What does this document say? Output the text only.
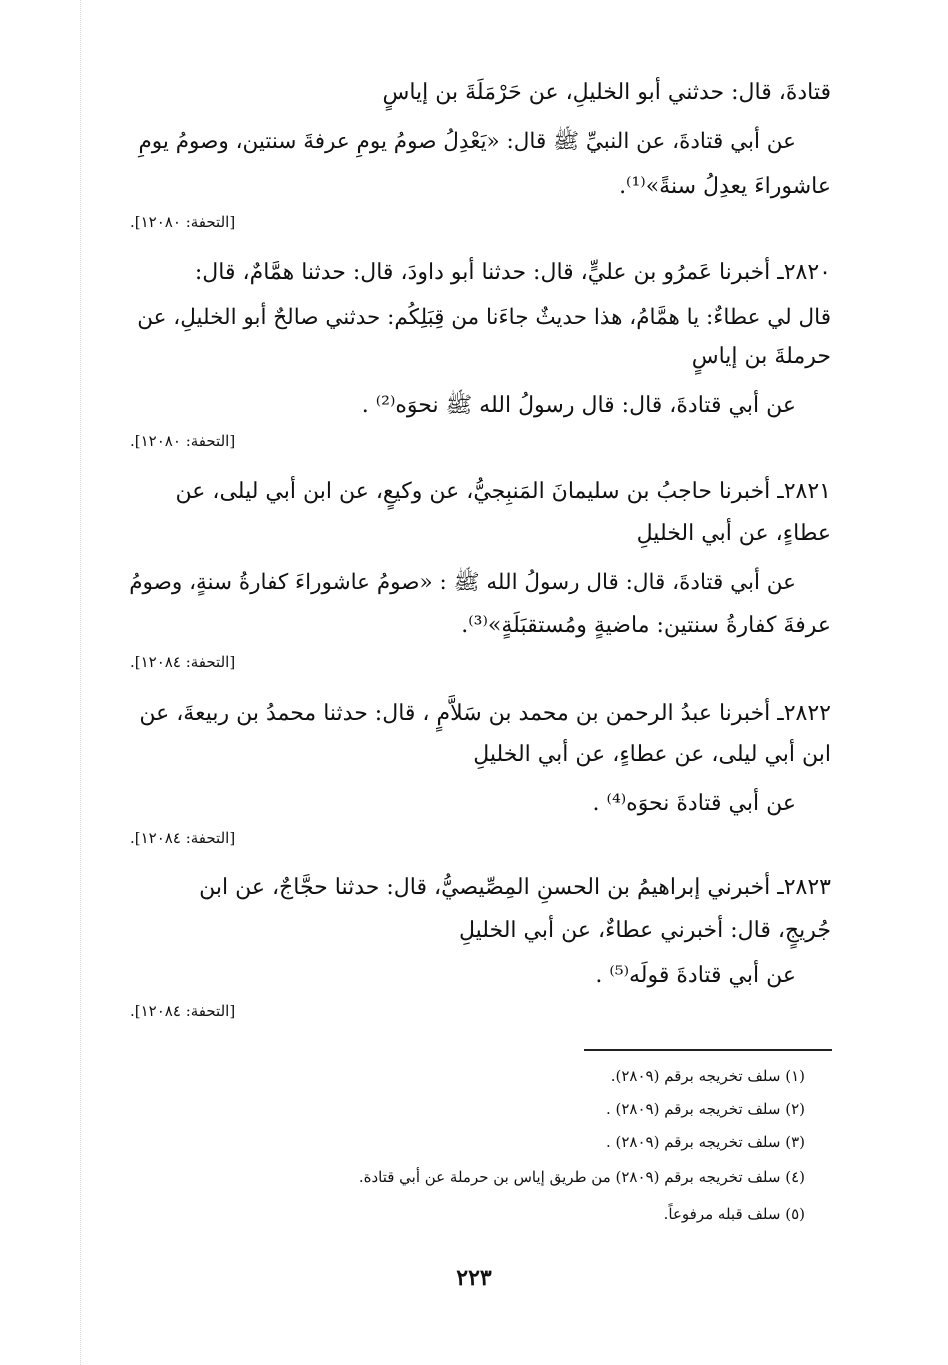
قتادةَ، قال: حدثني أبو الخليلِ، عن حَرْمَلَةَ بن إياسٍ
عن أبي قتادةَ، عن النبيِّ ﷺ قال: «يَعْدِلُ صومُ يومِ عرفةَ سنتين، وصومُ يومِ
عاشوراءَ يعدِلُ سنةً»⁽¹⁾.
[التحفة: ١٢٠٨٠].
٢٨٢٠ـ أخبرنا عَمرُو بن عليٍّ، قال: حدثنا أبو داودَ، قال: حدثنا همَّامٌ، قال:
قال لي عطاءٌ: يا همَّامُ، هذا حديثٌ جاءَنا من قِبَلِكُم: حدثني صالحٌ أبو الخليلِ، عن
حرملةَ بن إياسٍ
عن أبي قتادةَ، قال: قال رسولُ الله ﷺ نحوَه⁽²⁾ .
[التحفة: ١٢٠٨٠].
٢٨٢١ـ أخبرنا حاجبُ بن سليمانَ المَنبِجيُّ، عن وكيعٍ، عن ابن أبي ليلى، عن
عطاءٍ، عن أبي الخليلِ
عن أبي قتادةَ، قال: قال رسولُ الله ﷺ : «صومُ عاشوراءَ كفارةُ سنةٍ، وصومُ
عرفةَ كفارةُ سنتين: ماضيةٍ ومُستقبَلَةٍ»⁽³⁾.
[التحفة: ١٢٠٨٤].
٢٨٢٢ـ أخبرنا عبدُ الرحمن بن محمد بن سَلاَّمٍ ، قال: حدثنا محمدُ بن ربيعةَ، عن
ابن أبي ليلى، عن عطاءٍ، عن أبي الخليلِ
عن أبي قتادةَ نحوَه⁽⁴⁾ .
[التحفة: ١٢٠٨٤].
٢٨٢٣ـ أخبرني إبراهيمُ بن الحسنِ المِصِّيصيُّ، قال: حدثنا حجَّاجٌ، عن ابن
جُريجٍ، قال: أخبرني عطاءٌ، عن أبي الخليلِ
عن أبي قتادةَ قولَه⁽⁵⁾ .
[التحفة: ١٢٠٨٤].
(١) سلف تخريجه برقم (٢٨٠٩).
(٢) سلف تخريجه برقم (٢٨٠٩) .
(٣) سلف تخريجه برقم (٢٨٠٩) .
(٤) سلف تخريجه برقم (٢٨٠٩) من طريق إياس بن حرملة عن أبي قتادة.
(٥) سلف قبله مرفوعاً.
٢٢٣
